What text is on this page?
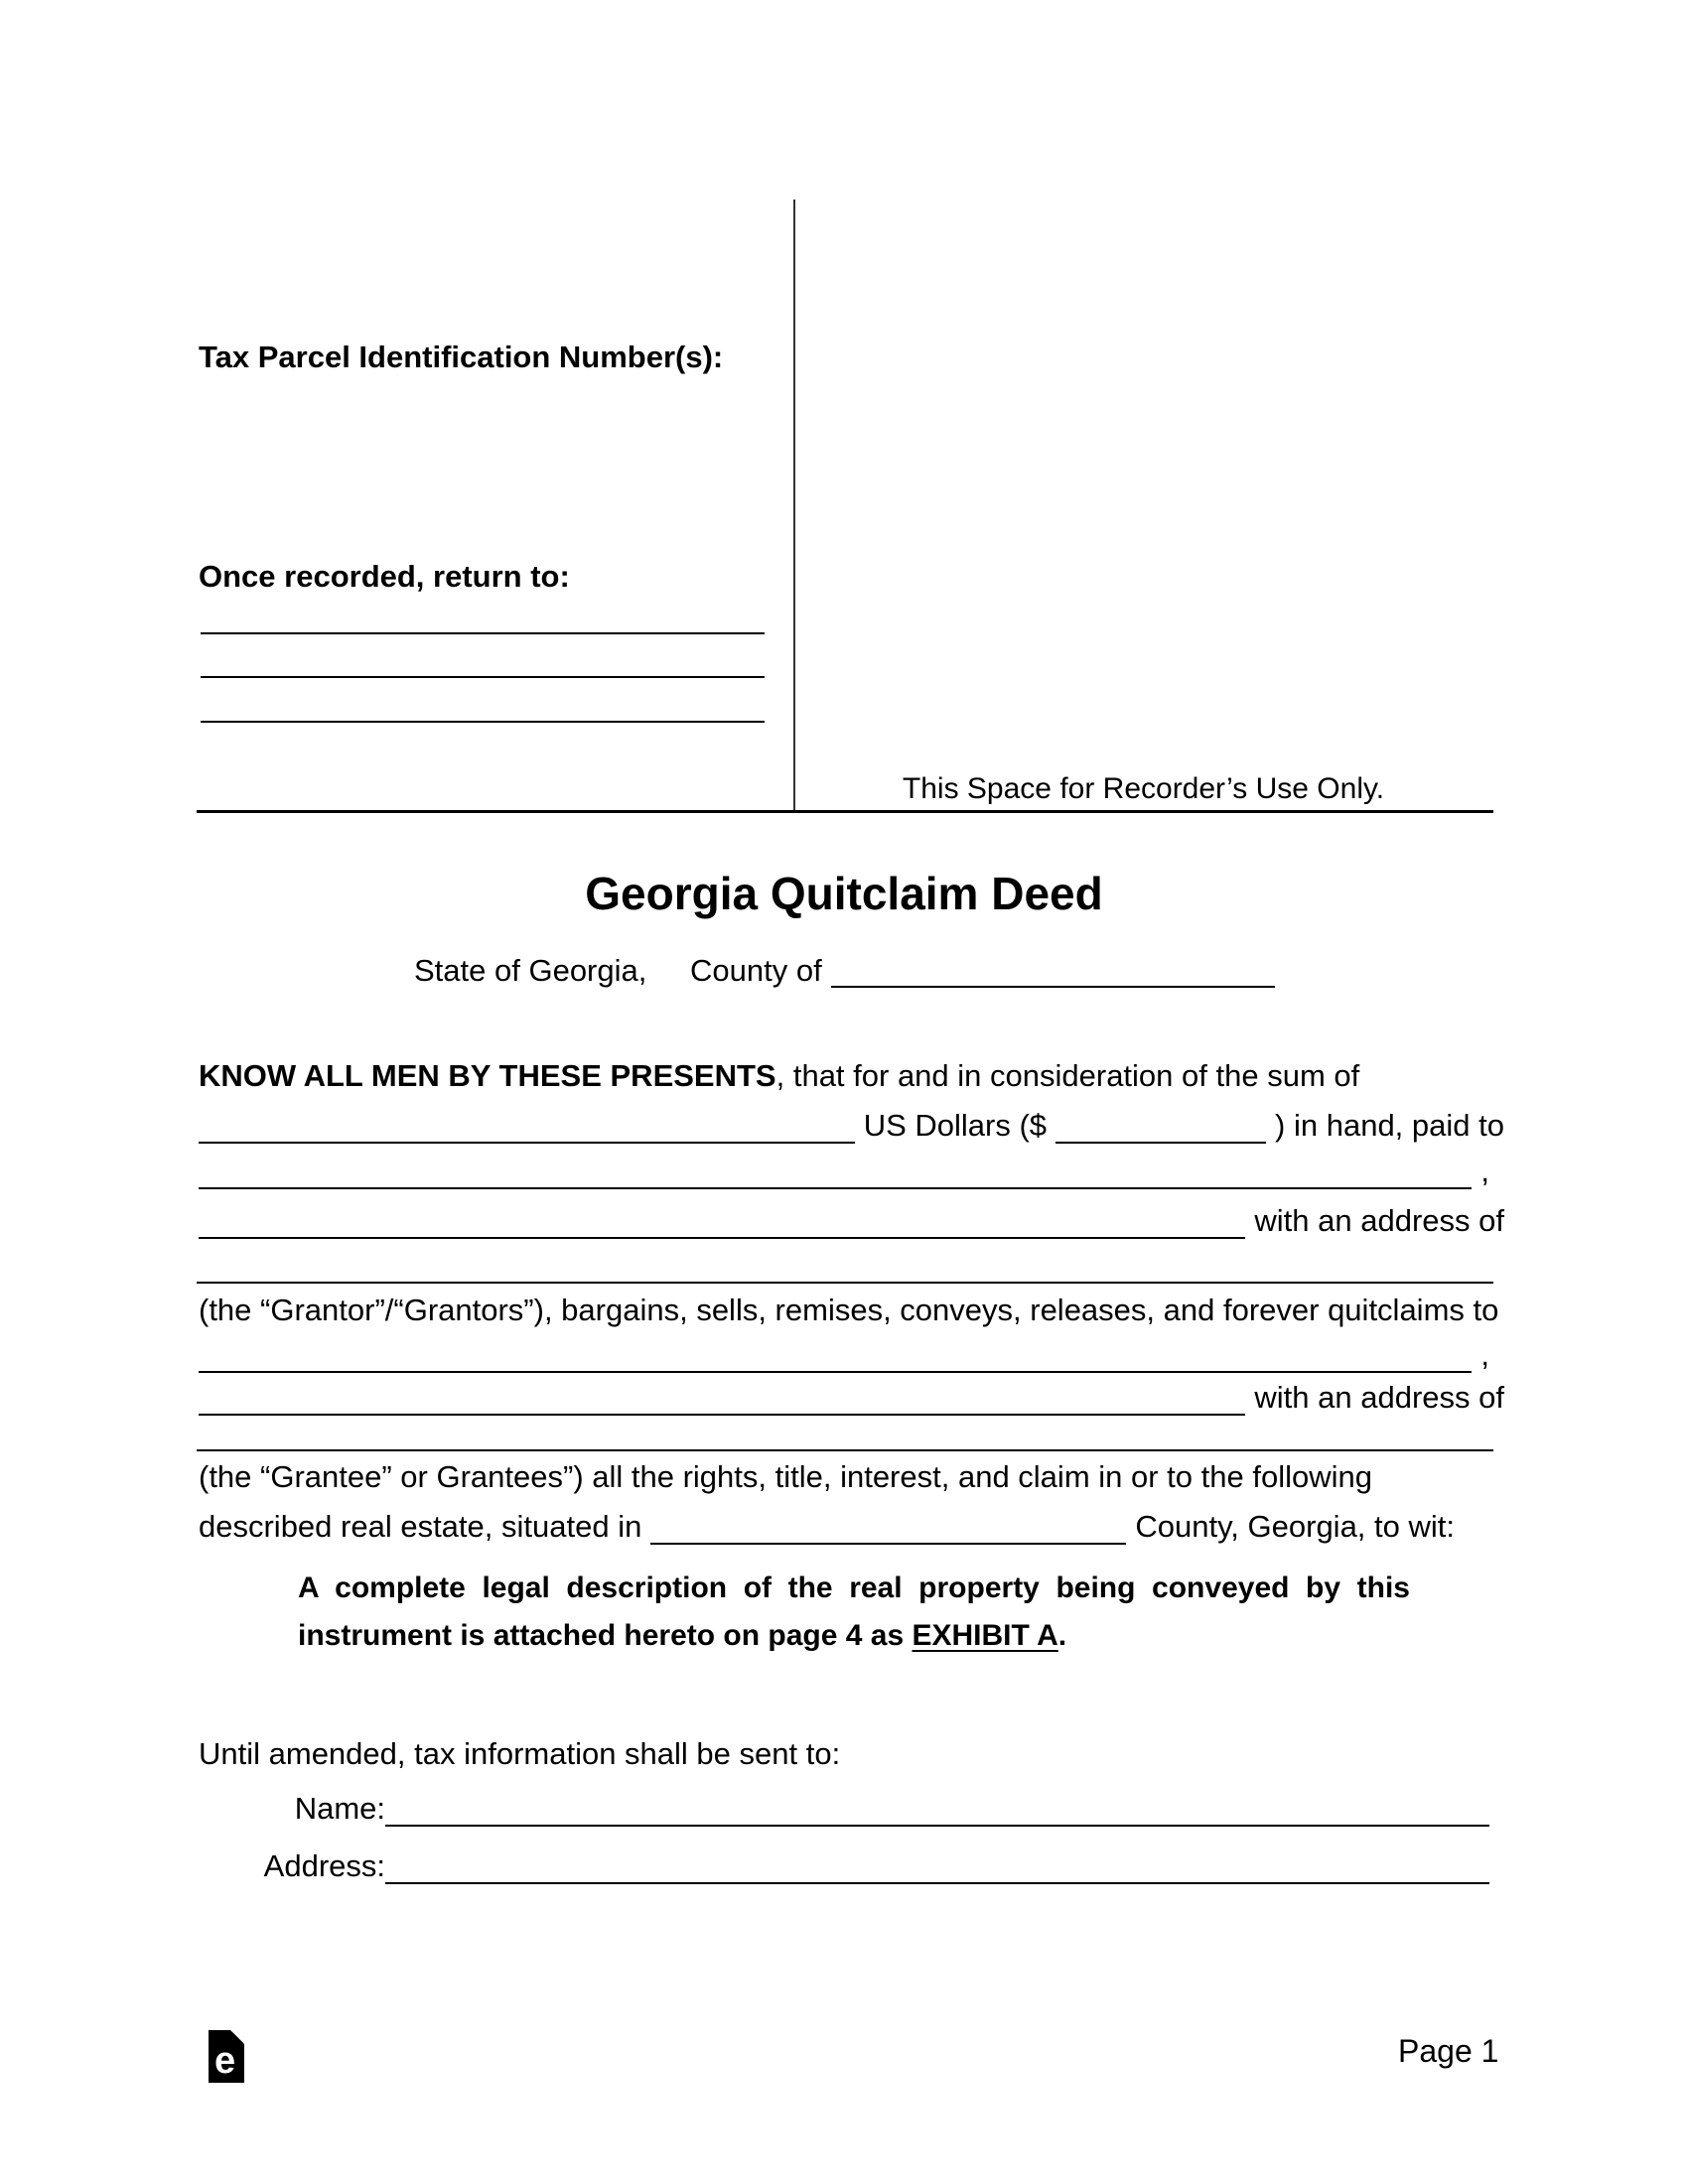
Tax Parcel Identification Number(s):
Once recorded, return to:
This Space for Recorder’s Use Only.
Georgia Quitclaim Deed
State of Georgia, County of
KNOW ALL MEN BY THESE PRESENTS, that for and in consideration of the sum of
US Dollars ($	) in hand, paid to
,
with an address of
(the “Grantor”/“Grantors”), bargains, sells, remises, conveys, releases, and forever quitclaims to
,
with an address of
(the “Grantee” or Grantees”) all the rights, title, interest, and claim in or to the following
described real estate, situated in	County, Georgia, to wit:
A complete legal description of the real property being conveyed by this
instrument is attached hereto on page 4 as EXHIBIT A.
Until amended, tax information shall be sent to:
Name:
Address:
e	Page 1
